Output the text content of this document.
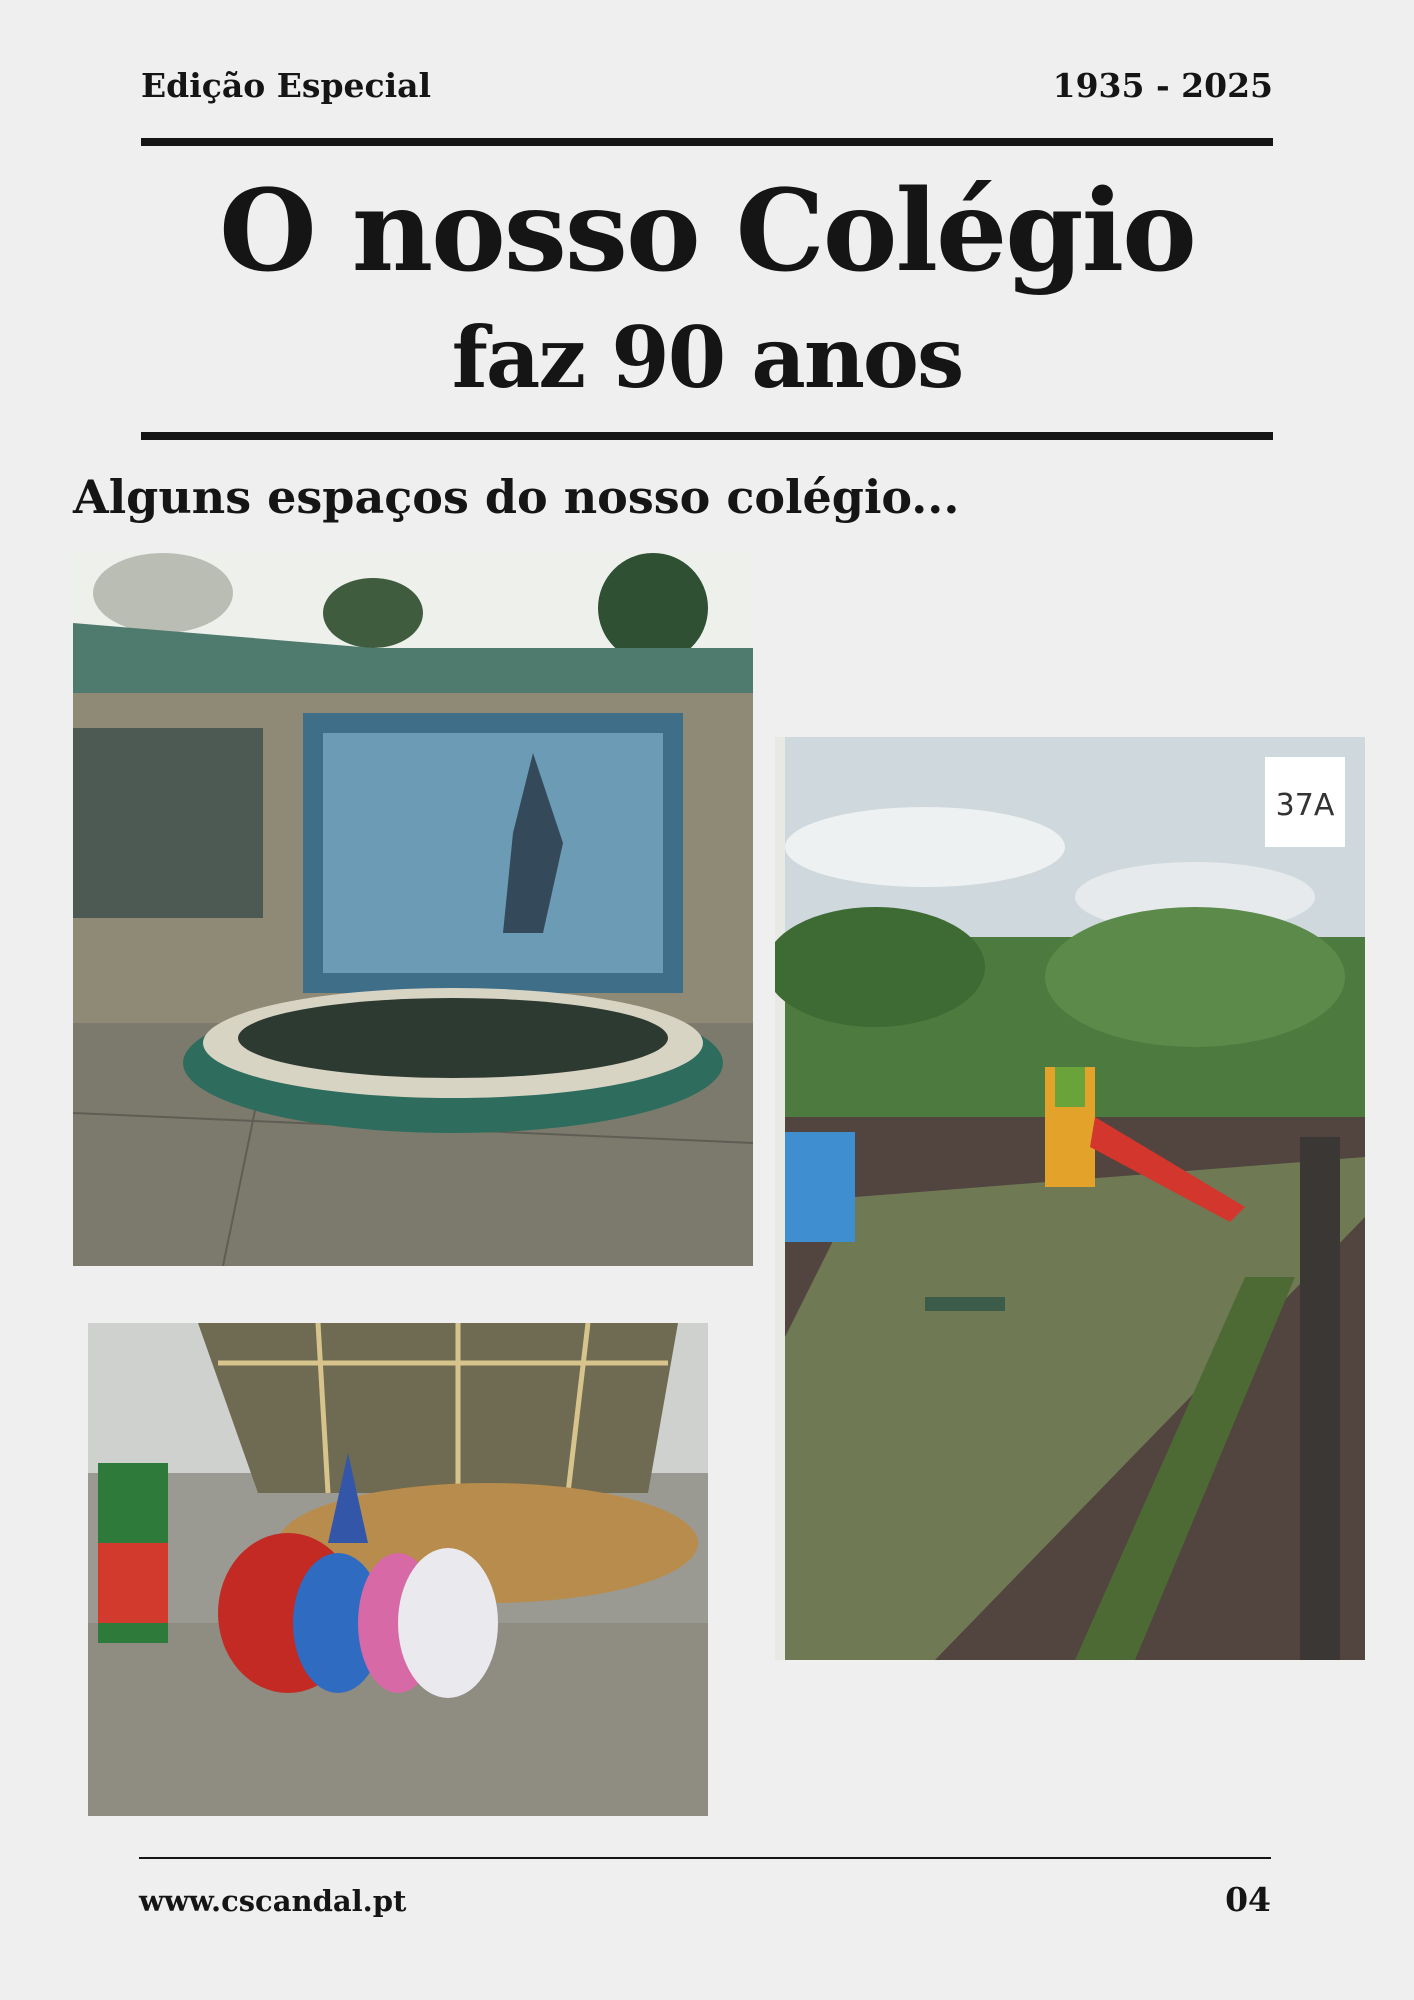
Edição Especial	1935 - 2025
O nosso Colégio
faz 90 anos
Alguns espaços do nosso colégio...
37A
www.cscandal.pt	04
